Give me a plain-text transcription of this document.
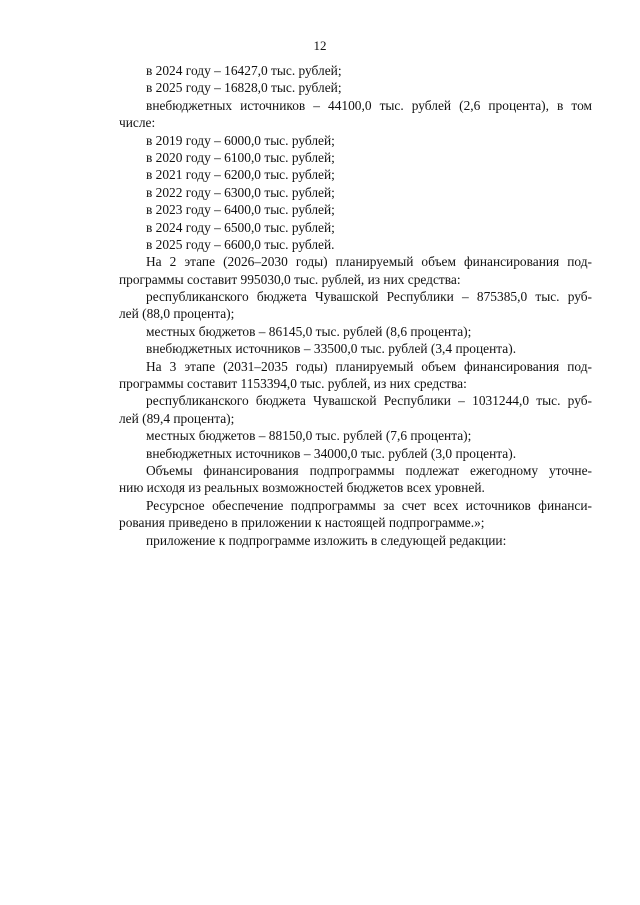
12
в 2024 году – 16427,0 тыс. рублей;
в 2025 году – 16828,0 тыс. рублей;
внебюджетных источников – 44100,0 тыс. рублей (2,6 процента), в том
числе:
в 2019 году – 6000,0 тыс. рублей;
в 2020 году – 6100,0 тыс. рублей;
в 2021 году – 6200,0 тыс. рублей;
в 2022 году – 6300,0 тыс. рублей;
в 2023 году – 6400,0 тыс. рублей;
в 2024 году – 6500,0 тыс. рублей;
в 2025 году – 6600,0 тыс. рублей.
На 2 этапе (2026–2030 годы) планируемый объем финансирования под-
программы составит 995030,0 тыс. рублей, из них средства:
республиканского бюджета Чувашской Республики – 875385,0 тыс. руб-
лей (88,0 процента);
местных бюджетов – 86145,0 тыс. рублей (8,6 процента);
внебюджетных источников – 33500,0 тыс. рублей (3,4 процента).
На 3 этапе (2031–2035 годы) планируемый объем финансирования под-
программы составит 1153394,0 тыс. рублей, из них средства:
республиканского бюджета Чувашской Республики – 1031244,0 тыс. руб-
лей (89,4 процента);
местных бюджетов – 88150,0 тыс. рублей (7,6 процента);
внебюджетных источников – 34000,0 тыс. рублей (3,0 процента).
Объемы финансирования подпрограммы подлежат ежегодному уточне-
нию исходя из реальных возможностей бюджетов всех уровней.
Ресурсное обеспечение подпрограммы за счет всех источников финанси-
рования приведено в приложении к настоящей подпрограмме.»;
приложение к подпрограмме изложить в следующей редакции:
